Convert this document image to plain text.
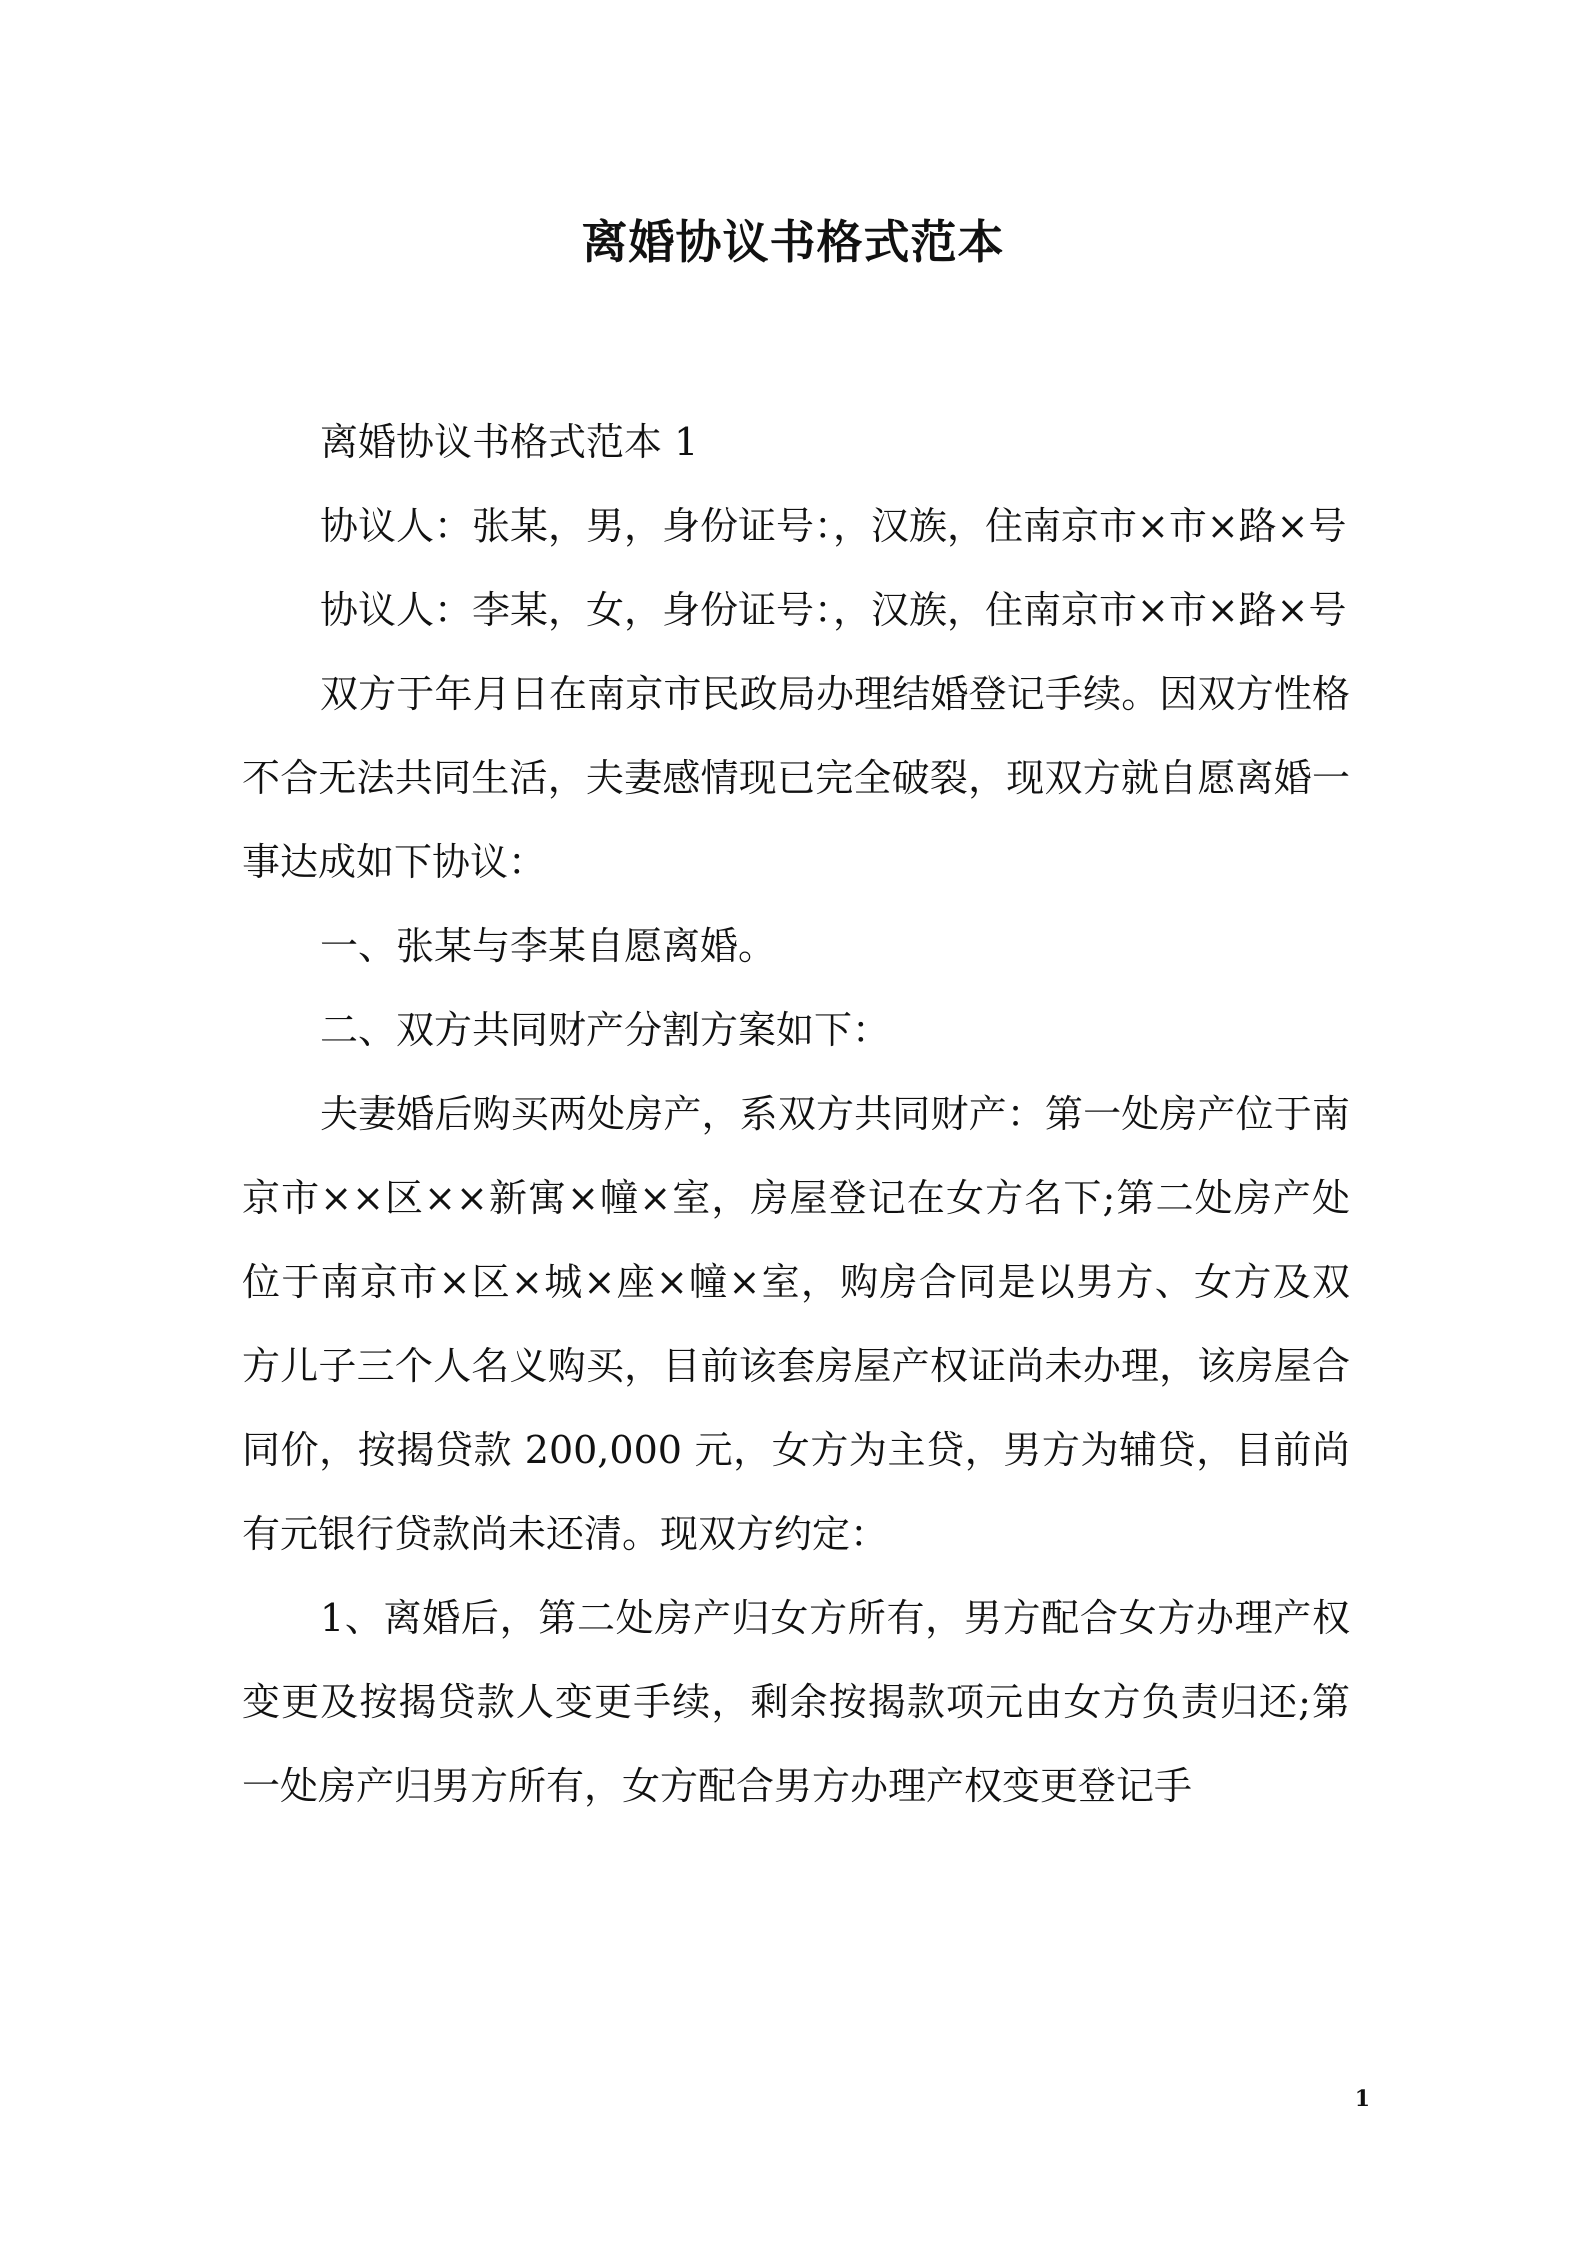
离婚协议书格式范本

离婚协议书格式范本 1

协议人：张某，男，身份证号：，汉族，住南京市×市×路×号

协议人：李某，女，身份证号：，汉族，住南京市×市×路×号

双方于年月日在南京市民政局办理结婚登记手续。因双方性格不合无法共同生活，夫妻感情现已完全破裂，现双方就自愿离婚一事达成如下协议：

一、张某与李某自愿离婚。

二、双方共同财产分割方案如下：

夫妻婚后购买两处房产，系双方共同财产：第一处房产位于南京市××区××新寓×幢×室，房屋登记在女方名下;第二处房产处位于南京市×区×城×座×幢×室，购房合同是以男方、女方及双方儿子三个人名义购买，目前该套房屋产权证尚未办理，该房屋合同价，按揭贷款 200,000 元，女方为主贷，男方为辅贷，目前尚有元银行贷款尚未还清。现双方约定：

1、离婚后，第二处房产归女方所有，男方配合女方办理产权变更及按揭贷款人变更手续，剩余按揭款项元由女方负责归还;第一处房产归男方所有，女方配合男方办理产权变更登记手

1
